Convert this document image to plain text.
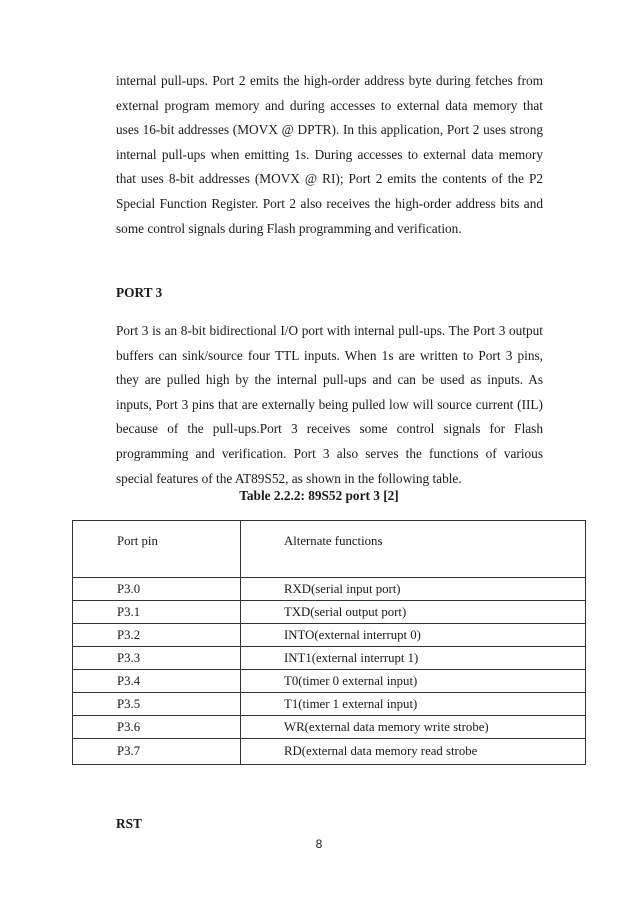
internal pull-ups. Port 2 emits the high-order address byte during fetches from external program memory and during accesses to external data memory that uses 16-bit addresses (MOVX @ DPTR). In this application, Port 2 uses strong internal pull-ups when emitting 1s. During accesses to external data memory that uses 8-bit addresses (MOVX @ RI); Port 2 emits the contents of the P2 Special Function Register. Port 2 also receives the high-order address bits and some control signals during Flash programming and verification.

PORT 3

Port 3 is an 8-bit bidirectional I/O port with internal pull-ups. The Port 3 output buffers can sink/source four TTL inputs. When 1s are written to Port 3 pins, they are pulled high by the internal pull-ups and can be used as inputs. As inputs, Port 3 pins that are externally being pulled low will source current (IIL) because of the pull-ups.Port 3 receives some control signals for Flash programming and verification. Port 3 also serves the functions of various special features of the AT89S52, as shown in the following table.

Table 2.2.2: 89S52 port 3 [2]

Port pin	Alternate functions
P3.0	RXD(serial input port)
P3.1	TXD(serial output port)
P3.2	INTO(external interrupt 0)
P3.3	INT1(external interrupt 1)
P3.4	T0(timer 0 external input)
P3.5	T1(timer 1 external input)
P3.6	WR(external data memory write strobe)
P3.7	RD(external data memory read strobe

RST

8
